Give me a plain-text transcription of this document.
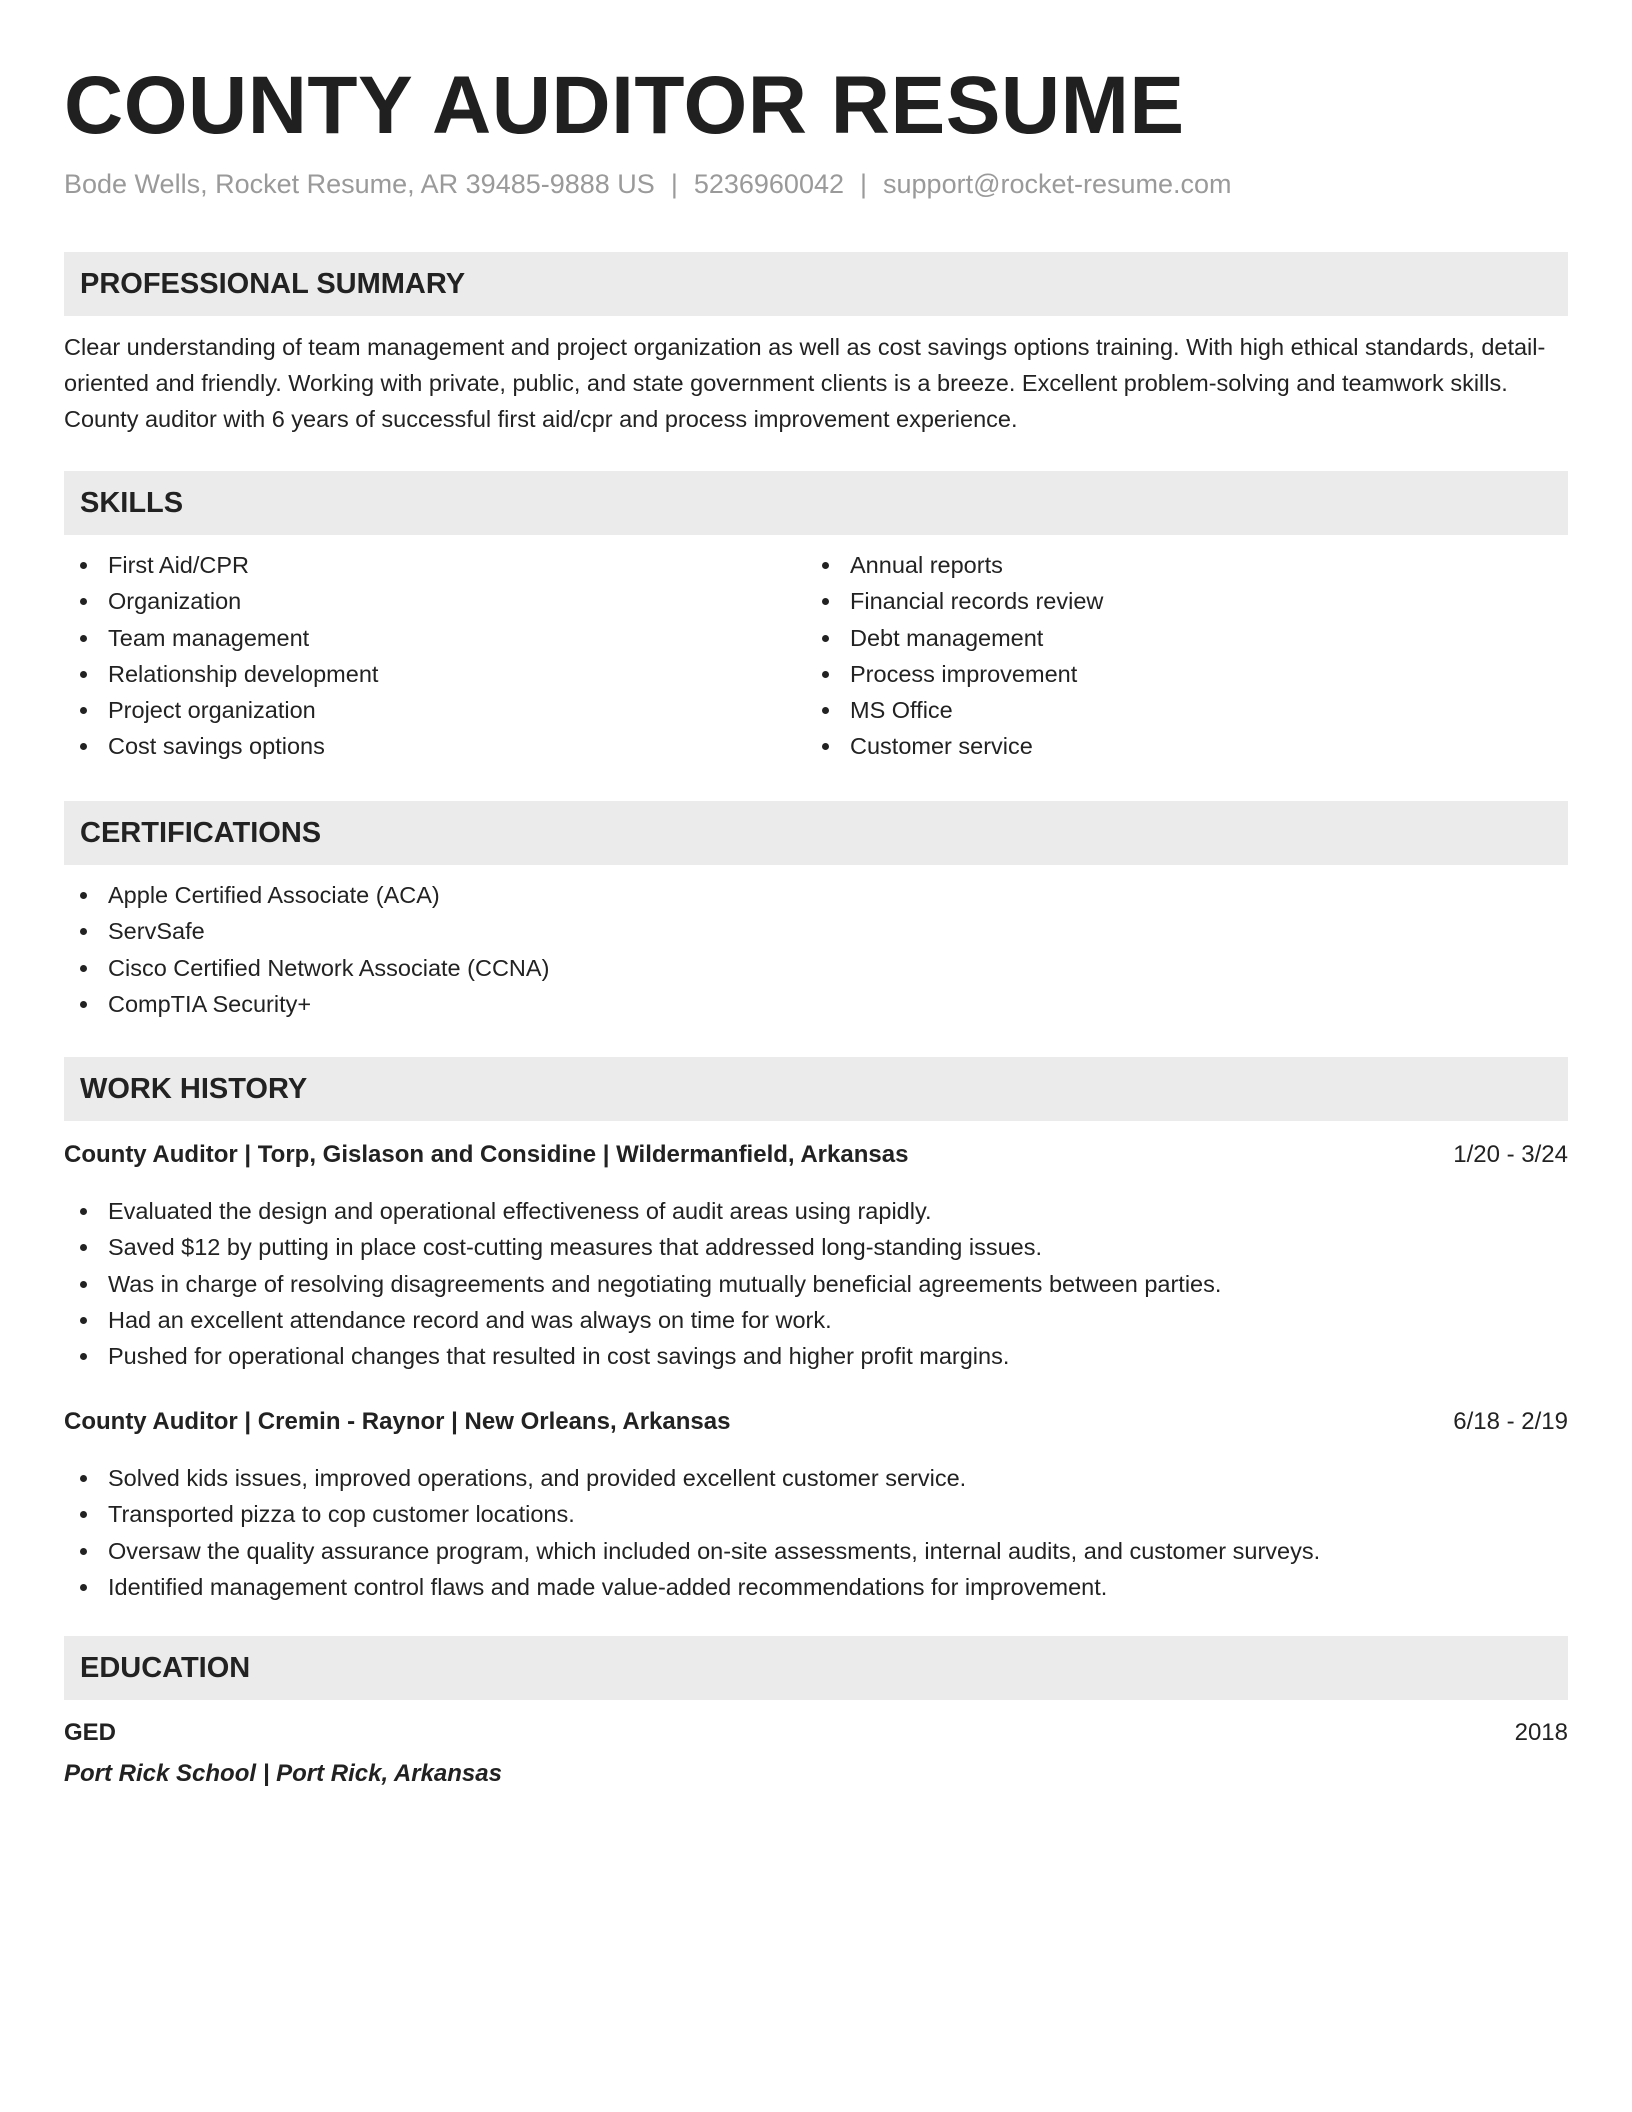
COUNTY AUDITOR RESUME
Bode Wells, Rocket Resume, AR 39485-9888 US | 5236960042 | support@rocket-resume.com
PROFESSIONAL SUMMARY
Clear understanding of team management and project organization as well as cost savings options training. With high ethical standards, detail-oriented and friendly. Working with private, public, and state government clients is a breeze. Excellent problem-solving and teamwork skills. County auditor with 6 years of successful first aid/cpr and process improvement experience.
SKILLS
First Aid/CPR
Organization
Team management
Relationship development
Project organization
Cost savings options
Annual reports
Financial records review
Debt management
Process improvement
MS Office
Customer service
CERTIFICATIONS
Apple Certified Associate (ACA)
ServSafe
Cisco Certified Network Associate (CCNA)
CompTIA Security+
WORK HISTORY
County Auditor | Torp, Gislason and Considine | Wildermanfield, Arkansas	1/20 - 3/24
Evaluated the design and operational effectiveness of audit areas using rapidly.
Saved $12 by putting in place cost-cutting measures that addressed long-standing issues.
Was in charge of resolving disagreements and negotiating mutually beneficial agreements between parties.
Had an excellent attendance record and was always on time for work.
Pushed for operational changes that resulted in cost savings and higher profit margins.
County Auditor | Cremin - Raynor | New Orleans, Arkansas	6/18 - 2/19
Solved kids issues, improved operations, and provided excellent customer service.
Transported pizza to cop customer locations.
Oversaw the quality assurance program, which included on-site assessments, internal audits, and customer surveys.
Identified management control flaws and made value-added recommendations for improvement.
EDUCATION
GED	2018
Port Rick School | Port Rick, Arkansas
